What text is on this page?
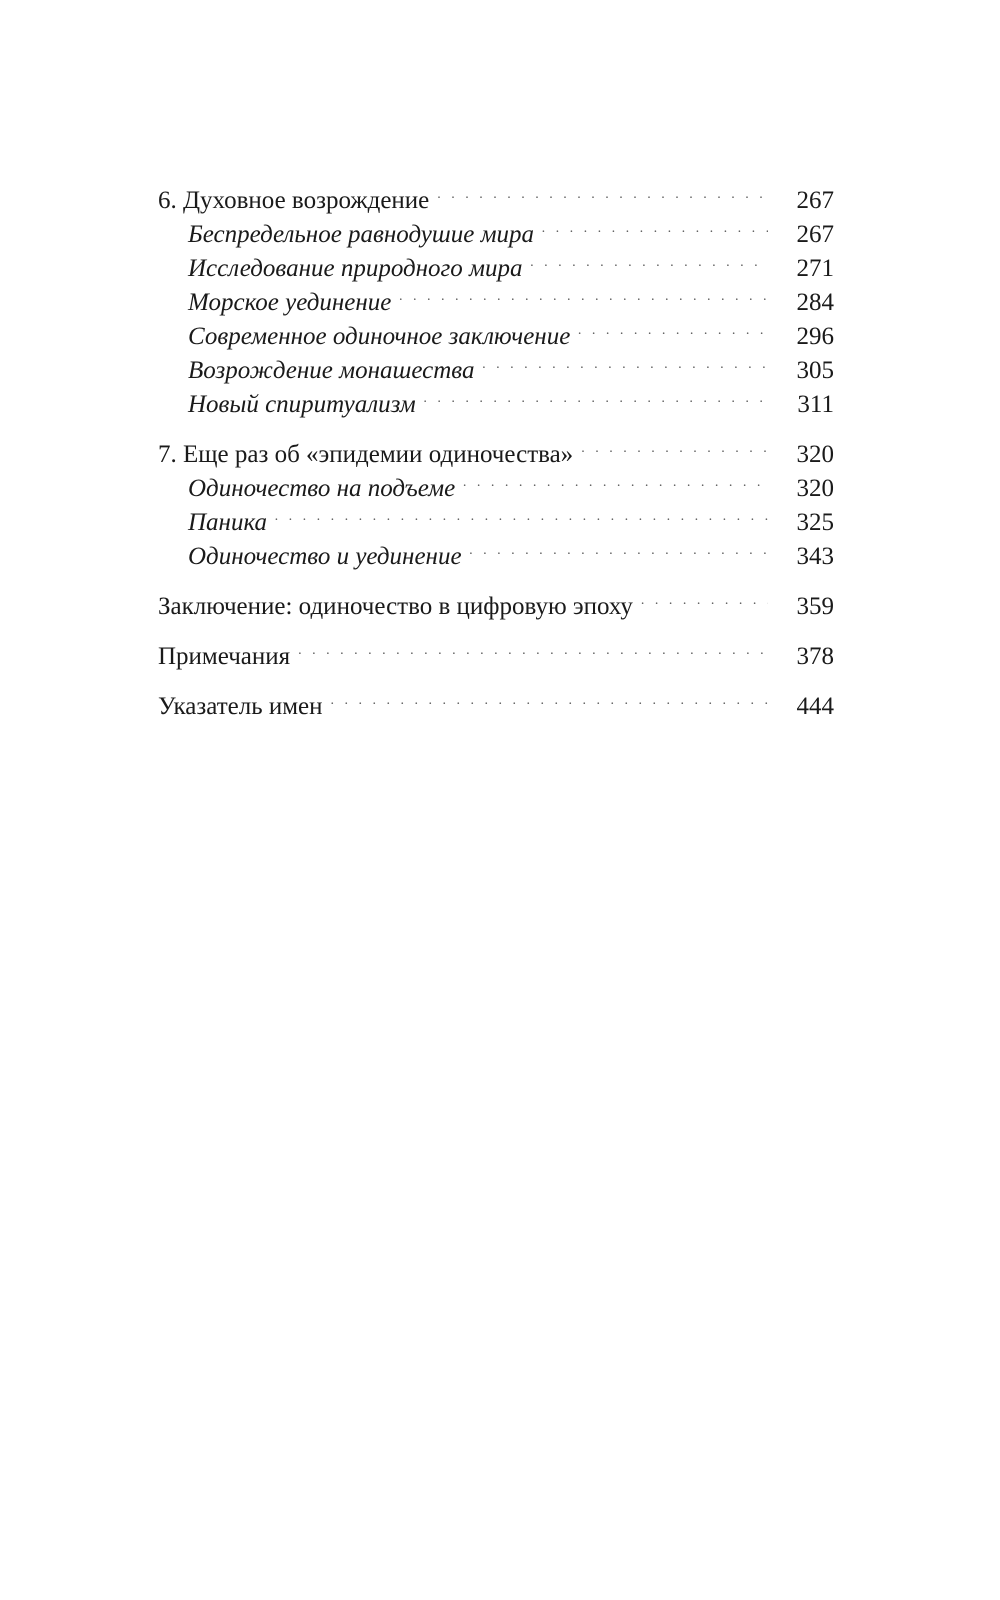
6. Духовное возрождение . . .	267
Беспредельное равнодушие мира . . .	267
Исследование природного мира . . .	271
Морское уединение . . .	284
Современное одиночное заключение . . .	296
Возрождение монашества . . .	305
Новый спиритуализм . . .	311
7. Еще раз об «эпидемии одиночества» . . .	320
Одиночество на подъеме . . .	320
Паника . . .	325
Одиночество и уединение . . .	343
Заключение: одиночество в цифровую эпоху . . .	359
Примечания . . .	378
Указатель имен . . .	444
